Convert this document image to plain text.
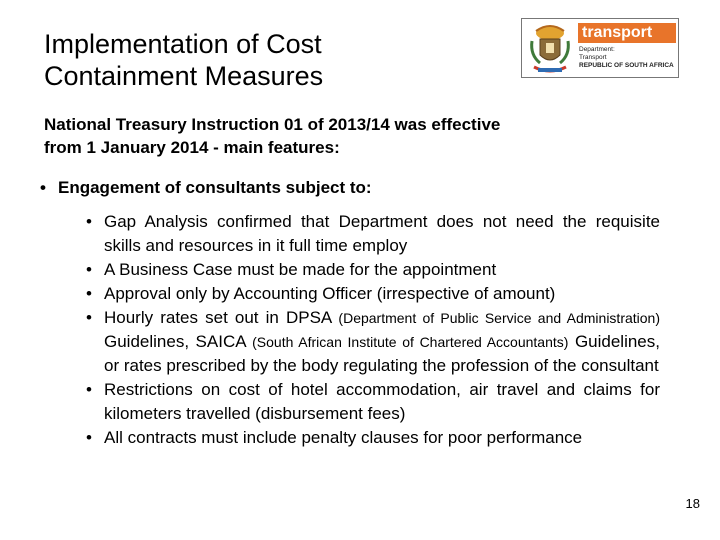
Implementation of Cost
Containment Measures
transport
Department:
Transport
REPUBLIC OF SOUTH AFRICA
National Treasury Instruction 01 of 2013/14 was effective
from 1 January 2014 - main features:
• Engagement of consultants subject to:
• Gap Analysis confirmed that Department does not need the requisite skills and resources in it full time employ
• A Business Case must be made for the appointment
• Approval only by Accounting Officer (irrespective of amount)
• Hourly rates set out in DPSA (Department of Public Service and Administration) Guidelines, SAICA (South African Institute of Chartered Accountants) Guidelines, or rates prescribed by the body regulating the profession of the consultant
• Restrictions on cost of hotel accommodation, air travel and claims for kilometers travelled (disbursement fees)
• All contracts must include penalty clauses for poor performance
18
